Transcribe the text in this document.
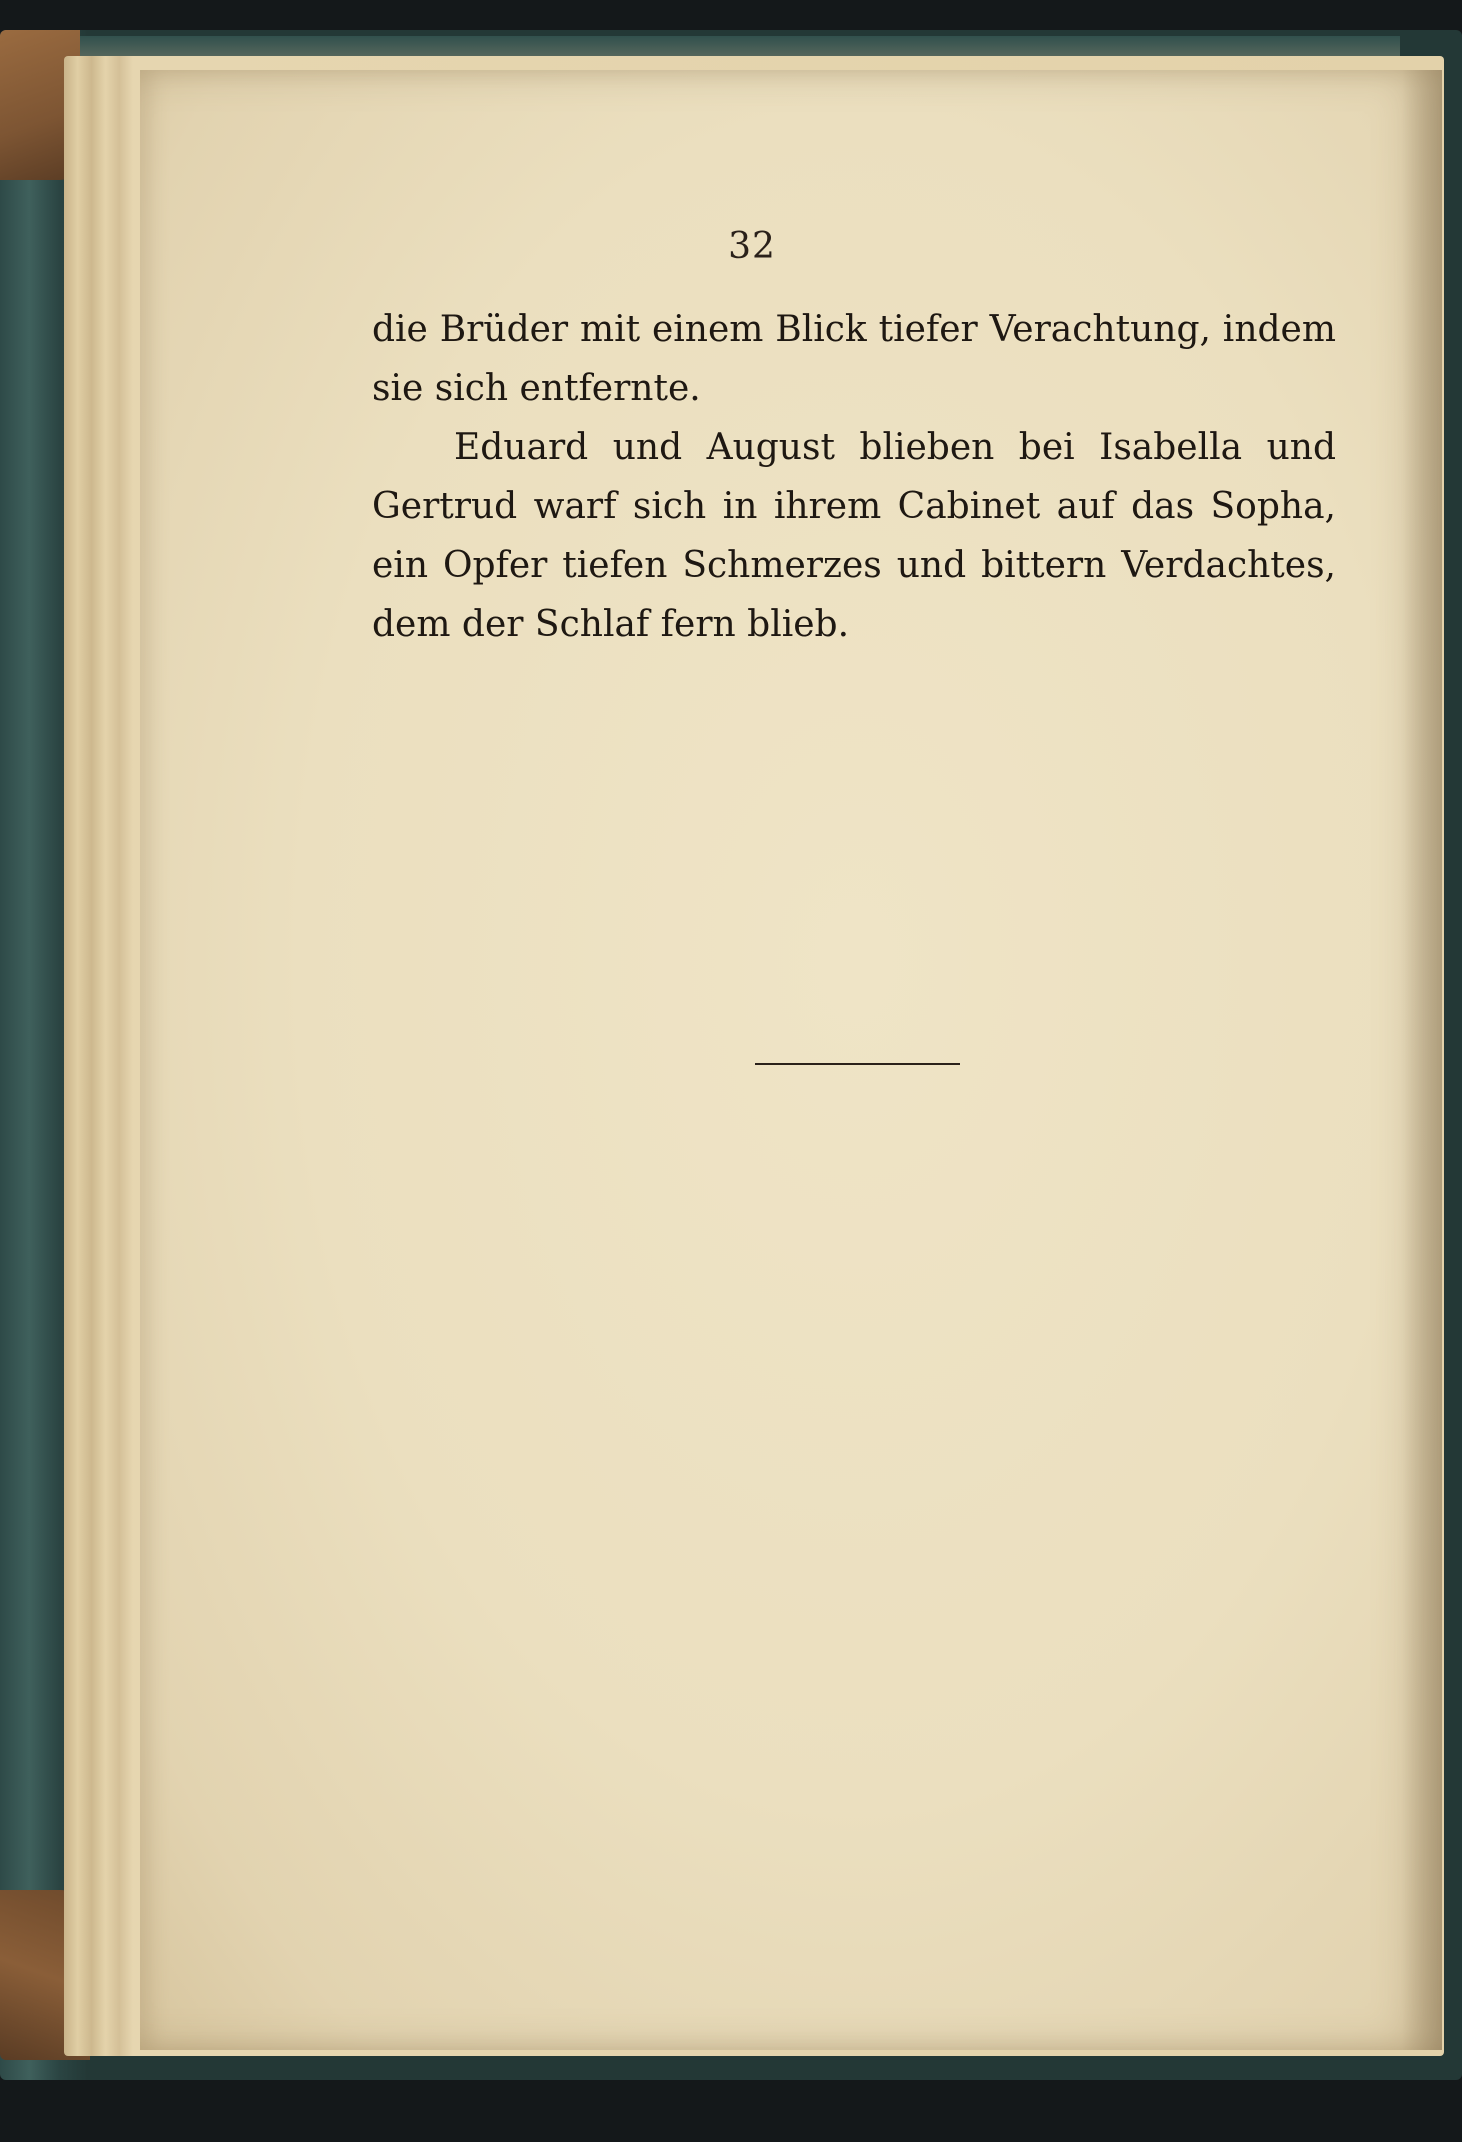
32

die Brüder mit einem Blick tiefer Verachtung, indem sie sich entfernte.

Eduard und August blieben bei Isabella und Gertrud warf sich in ihrem Cabinet auf das Sopha, ein Opfer tiefen Schmerzes und bittern Verdachtes, dem der Schlaf fern blieb.
